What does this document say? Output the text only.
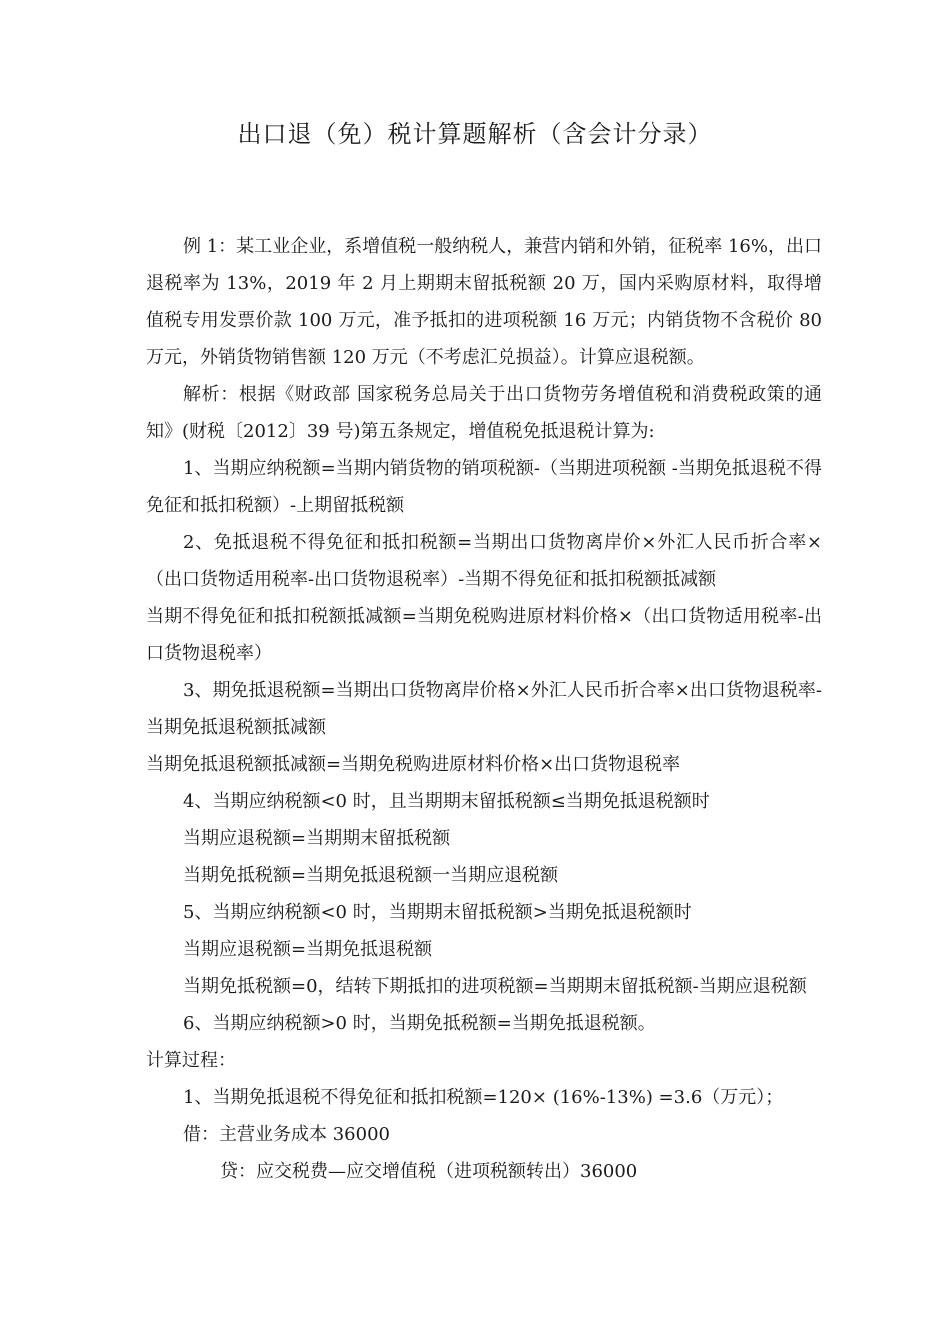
出口退（免）税计算题解析（含会计分录）

例 1：某工业企业，系增值税一般纳税人，兼营内销和外销，征税率 16%，出口退税率为 13%，2019 年 2 月上期期末留抵税额 20 万，国内采购原材料，取得增值税专用发票价款 100 万元，准予抵扣的进项税额 16 万元；内销货物不含税价 80 万元，外销货物销售额 120 万元（不考虑汇兑损益）。计算应退税额。

解析：根据《财政部 国家税务总局关于出口货物劳务增值税和消费税政策的通知》(财税〔2012〕39 号)第五条规定，增值税免抵退税计算为:

1、当期应纳税额=当期内销货物的销项税额-（当期进项税额 -当期免抵退税不得免征和抵扣税额）-上期留抵税额

2、免抵退税不得免征和抵扣税额=当期出口货物离岸价×外汇人民币折合率×（出口货物适用税率-出口货物退税率）-当期不得免征和抵扣税额抵减额

当期不得免征和抵扣税额抵减额=当期免税购进原材料价格×（出口货物适用税率-出口货物退税率）

3、期免抵退税额=当期出口货物离岸价格×外汇人民币折合率×出口货物退税率-当期免抵退税额抵减额

当期免抵退税额抵减额=当期免税购进原材料价格×出口货物退税率

4、当期应纳税额<0 时，且当期期末留抵税额≤当期免抵退税额时

当期应退税额=当期期末留抵税额

当期免抵税额=当期免抵退税额一当期应退税额

5、当期应纳税额<0 时，当期期末留抵税额>当期免抵退税额时

当期应退税额=当期免抵退税额

当期免抵税额=0，结转下期抵扣的进项税额=当期期末留抵税额-当期应退税额

6、当期应纳税额>0 时，当期免抵税额=当期免抵退税额。

计算过程：

1、当期免抵退税不得免征和抵扣税额=120× (16%-13%) =3.6（万元）；

借：主营业务成本 36000

贷：应交税费—应交增值税（进项税额转出）36000
